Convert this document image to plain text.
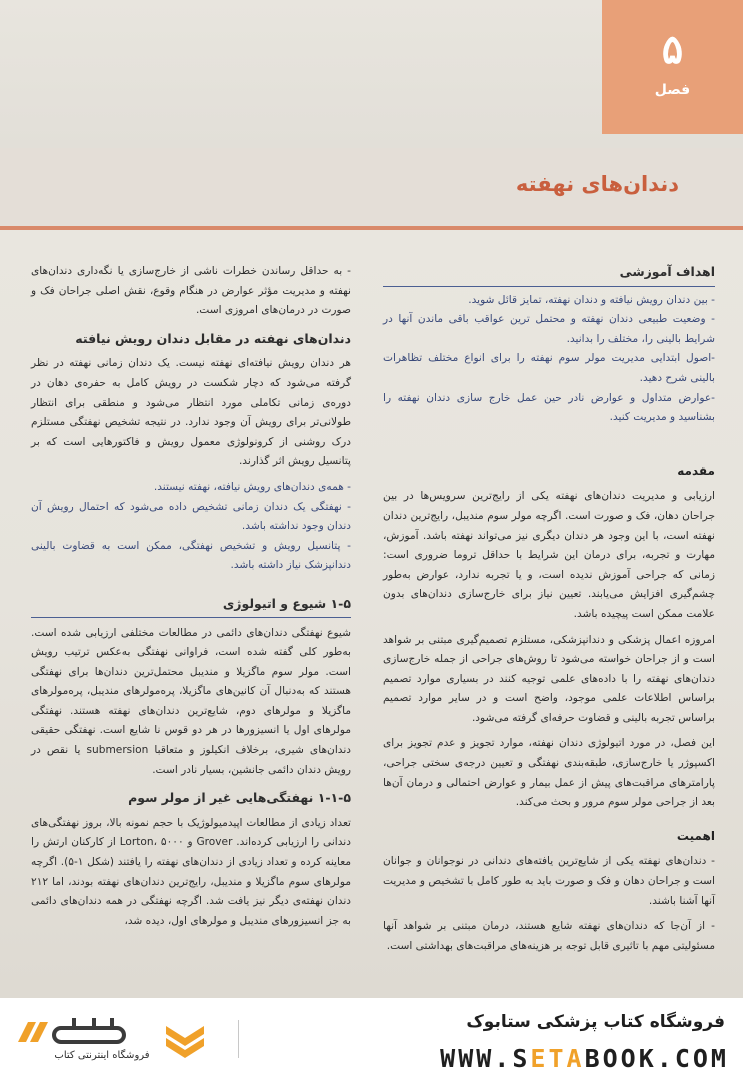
۵
فصل
دندان‌های نهفته
اهداف آموزشی
- بین دندان رویش نیافته و دندان نهفته، تمایز قائل شوید.
- وضعیت طبیعی دندان نهفته و محتمل ترین عواقب باقی ماندن آنها در شرایط بالینی را، مختلف را بدانید.
-اصول ابتدایی مدیریت مولر سوم نهفته را برای انواع مختلف تظاهرات بالینی شرح دهید.
-عوارض متداول و عوارض نادر حین عمل خارج سازی دندان نهفته را بشناسید و مدیریت کنید.
مقدمه

ارزیابی و مدیریت دندان‌های نهفته یکی از رایج‌ترین سرویس‌ها در بین جراحان دهان، فک و صورت است. اگرچه مولر سوم مندیبل، رایج‌ترین دندان نهفته است، با این وجود هر دندان دیگری نیز می‌تواند نهفته باشد. آموزش، مهارت و تجربه، برای درمان این شرایط با حداقل تروما ضروری است: زمانی که جراحی آموزش ندیده است، و یا تجربه ندارد، عوارض به‌طور چشم‌گیری افزایش می‌یابند. تعیین نیاز برای خارج‌سازی دندان‌های بدون علامت ممکن است پیچیده باشد.

امروزه اعمال پزشکی و دندانپزشکی، مستلزم تصمیم‌گیری مبتنی بر شواهد است و از جراحان خواسته می‌شود تا روش‌های جراحی از جمله خارج‌سازی دندان‌های نهفته را با داده‌های علمی توجیه کنند در بسیاری موارد تصمیم براساس اطلاعات علمی موجود، واضح است و در سایر موارد تصمیم براساس تجربه بالینی و قضاوت حرفه‌ای گرفته می‌شود.

این فصل، در مورد اتیولوژی دندان نهفته، موارد تجویز و عدم تجویز برای اکسپوژر یا خارج‌سازی، طبقه‌بندی نهفتگی و تعیین درجه‌ی سختی جراحی، پارامترهای مراقبت‌های پیش از عمل بیمار و عوارض احتمالی و درمان آن‌ها بعد از جراحی مولر سوم مرور و بحث می‌کند.

اهمیت

- دندان‌های نهفته یکی از شایع‌ترین یافته‌های دندانی در نوجوانان و جوانان است و جراحان دهان و فک و صورت باید به طور کامل با تشخیص و مدیریت آنها آشنا باشند.

- از آن‌جا که دندان‌های نهفته شایع هستند، درمان مبتنی بر شواهد آنها مسئولیتی مهم با تاثیری قابل توجه بر هزینه‌های مراقبت‌های بهداشتی است.

- به حداقل رساندن خطرات ناشی از خارج‌سازی یا نگه‌داری دندان‌های نهفته و مدیریت مؤثر عوارض در هنگام وقوع، نقش اصلی جراحان فک و صورت در درمان‌های امروزی است.

دندان‌های نهفته در مقابل دندان رویش نیافته

هر دندان رویش نیافته‌ای نهفته نیست. یک دندان زمانی نهفته در نظر گرفته می‌شود که دچار شکست در رویش کامل به حفره‌ی دهان در دوره‌ی زمانی تکاملی مورد انتظار می‌شود و منطقی برای انتظار طولانی‌تر برای رویش آن وجود ندارد. در نتیجه تشخیص نهفتگی مستلزم درک روشنی از کرونولوژی معمول رویش و فاکتورهایی است که بر پتانسیل رویش اثر گذارند.

- همه‌ی دندان‌های رویش نیافته، نهفته نیستند.
- نهفتگی یک دندان زمانی تشخیص داده می‌شود که احتمال رویش آن دندان وجود نداشته باشد.
- پتانسیل رویش و تشخیص نهفتگی، ممکن است به قضاوت بالینی دندانپزشک نیاز داشته باشد.
۱-۵ شیوع و اتیولوژی

شیوع نهفتگی دندان‌های دائمی در مطالعات مختلفی ارزیابی شده است. به‌طور کلی گفته شده است، فراوانی نهفتگی به‌عکس ترتیب رویش است. مولر سوم ماگزیلا و مندیبل محتمل‌ترین دندان‌ها برای نهفتگی هستند که به‌دنبال آن کانین‌های ماگزیلا، پره‌مولرهای مندیبل، پره‌مولرهای ماگزیلا و مولرهای دوم، شایع‌ترین دندان‌های نهفته هستند. نهفتگی مولرهای اول یا انسیزورها در هر دو قوس نا شایع است. نهفتگی حقیقی دندان‌های شیری، برخلاف انکیلوز و متعاقبا submersion یا نقص در رویش دندان دائمی جانشین، بسیار نادر است.

۱-۱-۵ نهفتگی‌هایی غیر از مولر سوم

تعداد زیادی از مطالعات اپیدمیولوژیک با حجم نمونه بالا، بروز نهفتگی‌های دندانی را ارزیابی کرده‌اند. Grover و Lorton، ۵۰۰۰ از کارکنان ارتش را معاینه کرده و تعداد زیادی از دندان‌های نهفته را یافتند (شکل ۱-۵). اگرچه مولرهای سوم ماگزیلا و مندیبل، رایج‌ترین دندان‌های نهفته بودند، اما ۲۱۲ دندان نهفته‌ی دیگر نیز یافت شد. اگرچه نهفتگی در همه دندان‌های دائمی به جز انسیزورهای مندیبل و مولرهای اول، دیده شد،

فروشگاه اینترنتی کتاب
فروشگاه کتاب پزشکی ستابوک
WWW.SETABOOK.COM
